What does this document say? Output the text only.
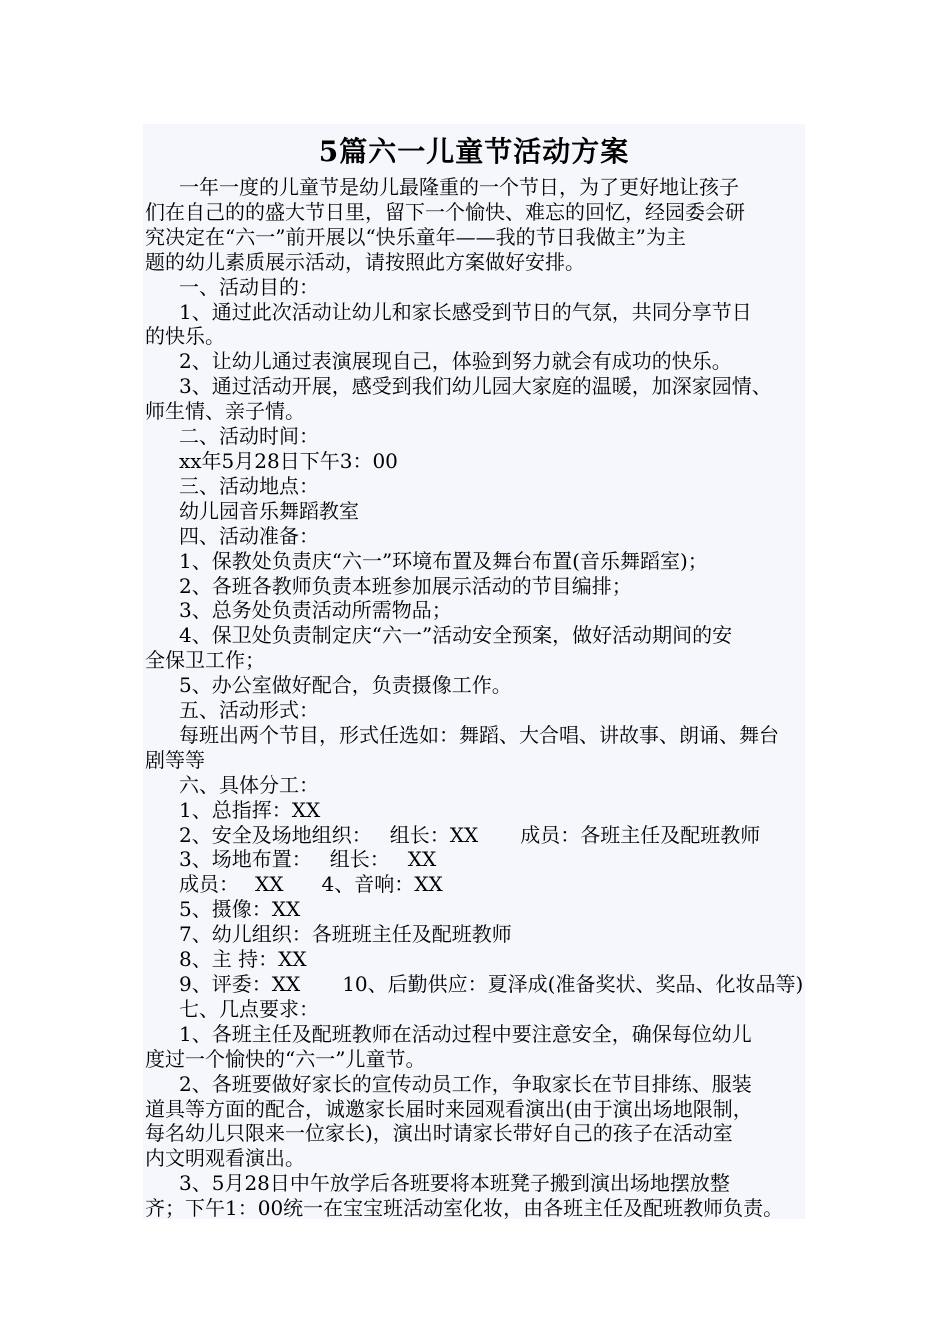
5篇六一儿童节活动方案

一年一度的儿童节是幼儿最隆重的一个节日，为了更好地让孩子

们在自己的的盛大节日里，留下一个愉快、难忘的回忆，经园委会研

究决定在“六一”前开展以“快乐童年——我的节日我做主”为主

题的幼儿素质展示活动，请按照此方案做好安排。

一、活动目的：

1、通过此次活动让幼儿和家长感受到节日的气氛，共同分享节日

的快乐。

2、让幼儿通过表演展现自己，体验到努力就会有成功的快乐。

3、通过活动开展，感受到我们幼儿园大家庭的温暖，加深家园情、

师生情、亲子情。

二、活动时间：

xx年5月28日下午3：00

三、活动地点：

幼儿园音乐舞蹈教室

四、活动准备：

1、保教处负责庆“六一”环境布置及舞台布置(音乐舞蹈室)；

2、各班各教师负责本班参加展示活动的节目编排；

3、总务处负责活动所需物品；

4、保卫处负责制定庆“六一”活动安全预案，做好活动期间的安

全保卫工作；

5、办公室做好配合，负责摄像工作。

五、活动形式：

每班出两个节目，形式任选如：舞蹈、大合唱、讲故事、朗诵、舞台

剧等等

六、具体分工：

1、总指挥：XX

2、安全及场地组织： 组长：XX 成员：各班主任及配班教师

3、场地布置： 组长： XX

成员： XX 4、音响：XX

5、摄像：XX

7、幼儿组织：各班班主任及配班教师

8、主 持：XX

9、评委：XX 10、后勤供应：夏泽成(准备奖状、奖品、化妆品等)

七、几点要求：

1、各班主任及配班教师在活动过程中要注意安全，确保每位幼儿

度过一个愉快的“六一”儿童节。

2、各班要做好家长的宣传动员工作，争取家长在节目排练、服装

道具等方面的配合，诚邀家长届时来园观看演出(由于演出场地限制，

每名幼儿只限来一位家长)，演出时请家长带好自己的孩子在活动室

内文明观看演出。

3、5月28日中午放学后各班要将本班凳子搬到演出场地摆放整

齐；下午1：00统一在宝宝班活动室化妆，由各班主任及配班教师负责。
